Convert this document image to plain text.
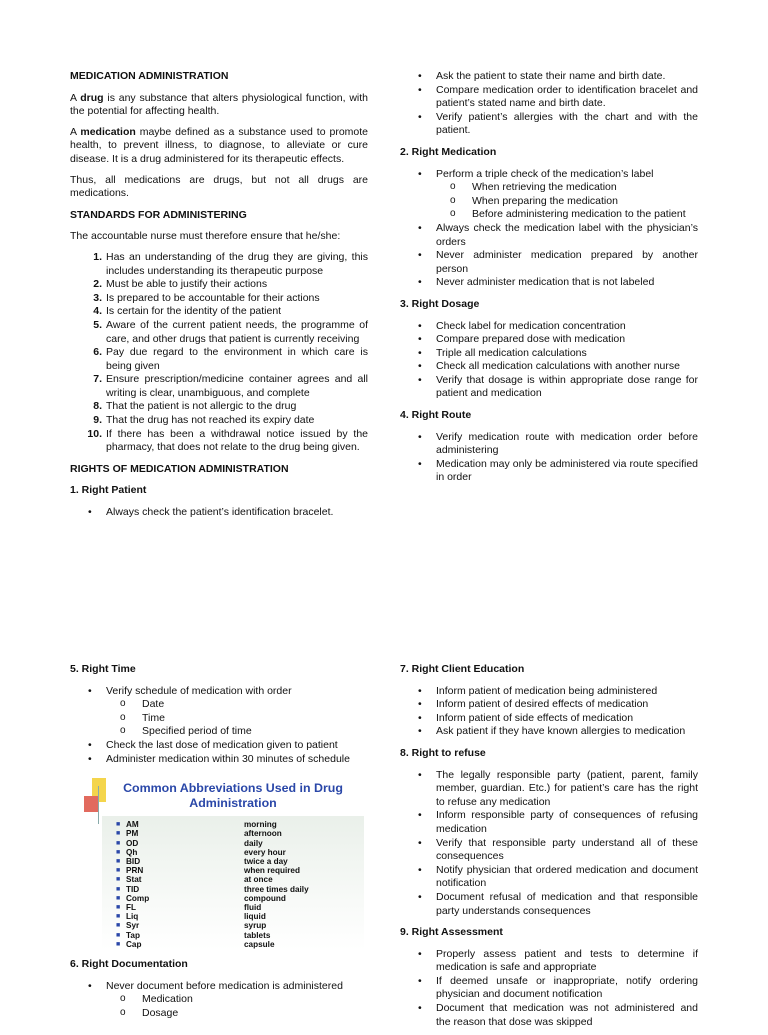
MEDICATION ADMINISTRATION

A drug is any substance that alters physiological function, with the potential for affecting health.

A medication maybe defined as a substance used to promote health, to prevent illness, to diagnose, to alleviate or cure disease. It is a drug administered for its therapeutic effects.

Thus, all medications are drugs, but not all drugs are medications.

STANDARDS FOR ADMINISTERING

The accountable nurse must therefore ensure that he/she:

1. Has an understanding of the drug they are giving, this includes understanding its therapeutic purpose
2. Must be able to justify their actions
3. Is prepared to be accountable for their actions
4. Is certain for the identity of the patient
5. Aware of the current patient needs, the programme of care, and other drugs that patient is currently receiving
6. Pay due regard to the environment in which care is being given
7. Ensure prescription/medicine container agrees and all writing is clear, unambiguous, and complete
8. That the patient is not allergic to the drug
9. That the drug has not reached its expiry date
10. If there has been a withdrawal notice issued by the pharmacy, that does not relate to the drug being given.
RIGHTS OF MEDICATION ADMINISTRATION
1. Right Patient
• Always check the patient’s identification bracelet.
• Ask the patient to state their name and birth date.
• Compare medication order to identification bracelet and patient’s stated name and birth date.
• Verify patient’s allergies with the chart and with the patient.
2. Right Medication
• Perform a triple check of the medication’s label
o When retrieving the medication
o When preparing the medication
o Before administering medication to the patient
• Always check the medication label with the physician’s orders
• Never administer medication prepared by another person
• Never administer medication that is not labeled
3. Right Dosage
• Check label for medication concentration
• Compare prepared dose with medication
• Triple all medication calculations
• Check all medication calculations with another nurse
• Verify that dosage is within appropriate dose range for patient and medication
4. Right Route
• Verify medication route with medication order before administering
• Medication may only be administered via route specified in order
5. Right Time
• Verify schedule of medication with order
o Date
o Time
o Specified period of time
• Check the last dose of medication given to patient
• Administer medication within 30 minutes of schedule
Common Abbreviations Used in Drug Administration
■	AM	morning
■	PM	afternoon
■	OD	daily
■	Qh	every hour
■	BID	twice a day
■	PRN	when required
■	Stat	at once
■	TID	three times daily
■	Comp	compound
■	FL	fluid
■	Liq	liquid
■	Syr	syrup
■	Tap	tablets
■	Cap	capsule
6. Right Documentation
• Never document before medication is administered
o Medication
o Dosage
7. Right Client Education
• Inform patient of medication being administered
• Inform patient of desired effects of medication
• Inform patient of side effects of medication
• Ask patient if they have known allergies to medication
8. Right to refuse
• The legally responsible party (patient, parent, family member, guardian. Etc.) for patient’s care has the right to refuse any medication
• Inform responsible party of consequences of refusing medication
• Verify that responsible party understand all of these consequences
• Notify physician that ordered medication and document notification
• Document refusal of medication and that responsible party understands consequences
9. Right Assessment
• Properly assess patient and tests to determine if medication is safe and appropriate
• If deemed unsafe or inappropriate, notify ordering physician and document notification
• Document that medication was not administered and the reason that dose was skipped
